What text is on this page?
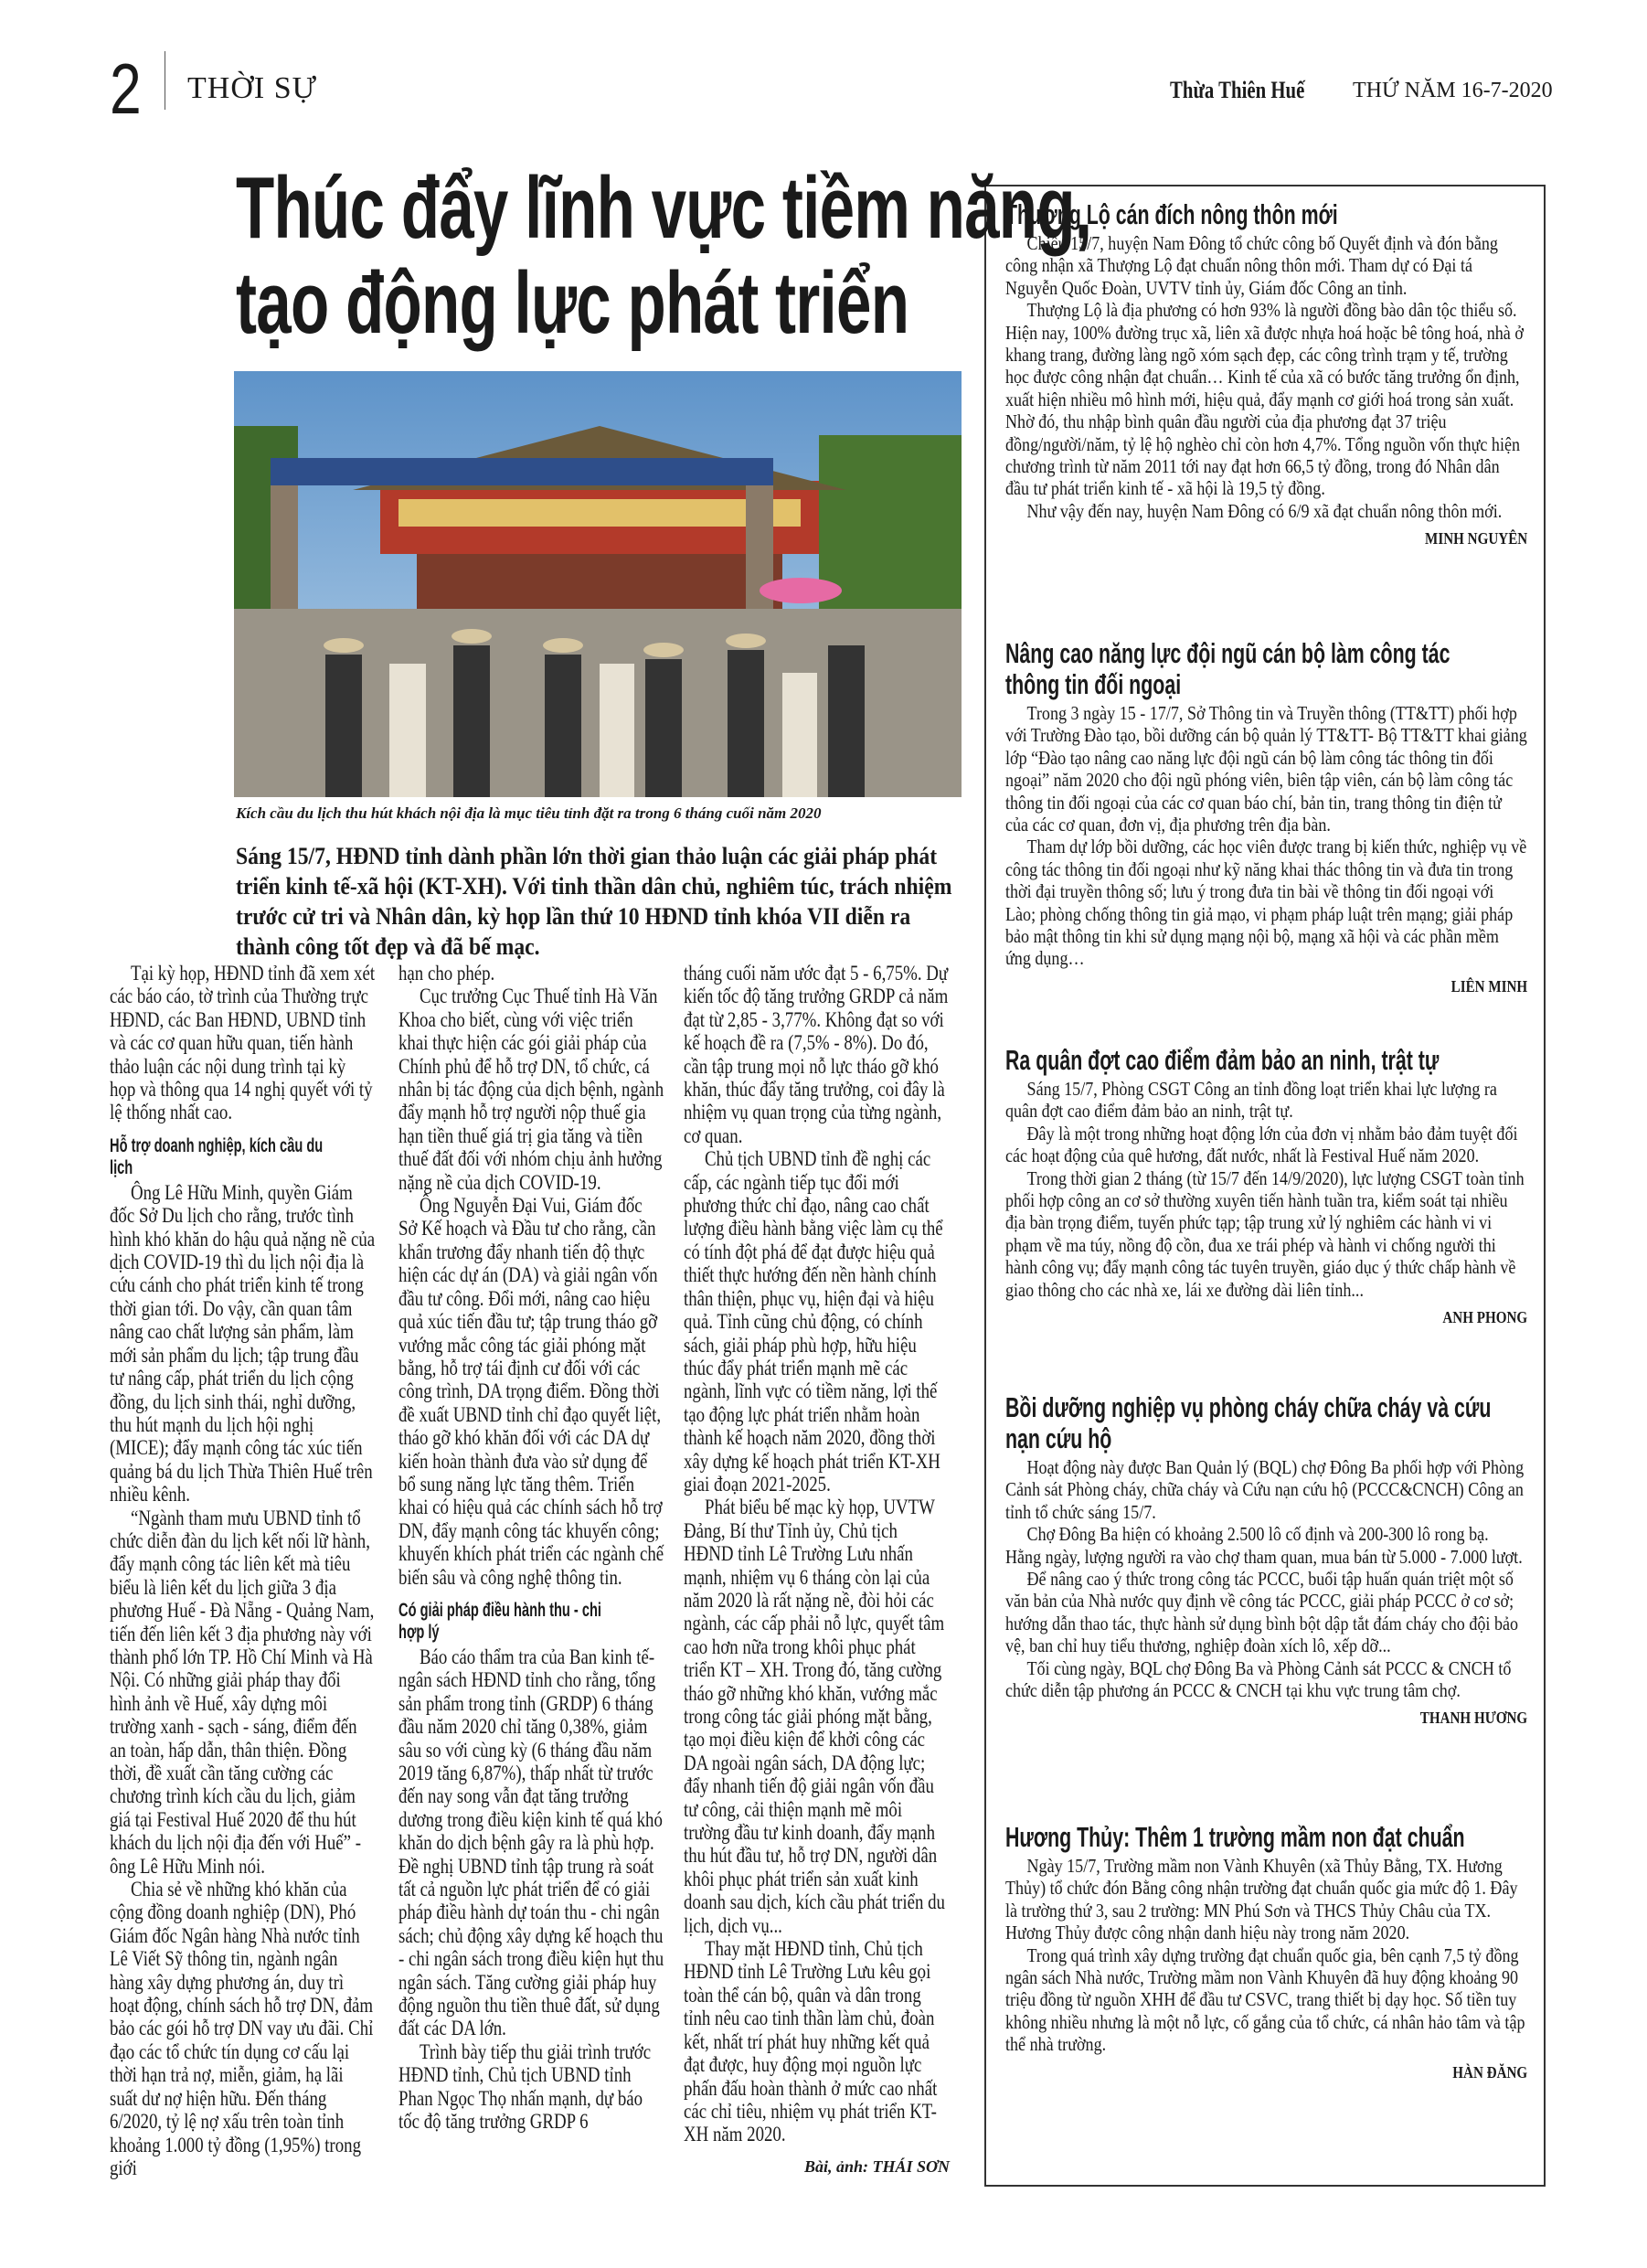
2 THỜI SỰ	Thừa Thiên Huế THỨ NĂM 16-7-2020
Thúc đẩy lĩnh vực tiềm năng,
tạo động lực phát triển
Kích cầu du lịch thu hút khách nội địa là mục tiêu tỉnh đặt ra trong 6 tháng cuối năm 2020
Sáng 15/7, HĐND tỉnh dành phần lớn thời gian thảo luận các giải pháp phát triển kinh tế-xã hội (KT-XH). Với tinh thần dân chủ, nghiêm túc, trách nhiệm trước cử tri và Nhân dân, kỳ họp lần thứ 10 HĐND tỉnh khóa VII diễn ra thành công tốt đẹp và đã bế mạc.

Tại kỳ họp, HĐND tỉnh đã xem xét các báo cáo, tờ trình của Thường trực HĐND, các Ban HĐND, UBND tỉnh và các cơ quan hữu quan, tiến hành thảo luận các nội dung trình tại kỳ họp và thông qua 14 nghị quyết với tỷ lệ thống nhất cao.

Hỗ trợ doanh nghiệp, kích cầu du lịch

Ông Lê Hữu Minh, quyền Giám đốc Sở Du lịch cho rằng, trước tình hình khó khăn do hậu quả nặng nề của dịch COVID-19 thì du lịch nội địa là cứu cánh cho phát triển kinh tế trong thời gian tới. Do vậy, cần quan tâm nâng cao chất lượng sản phẩm, làm mới sản phẩm du lịch; tập trung đầu tư nâng cấp, phát triển du lịch cộng đồng, du lịch sinh thái, nghỉ dưỡng, thu hút mạnh du lịch hội nghị (MICE); đẩy mạnh công tác xúc tiến quảng bá du lịch Thừa Thiên Huế trên nhiều kênh.

“Ngành tham mưu UBND tỉnh tổ chức diễn đàn du lịch kết nối lữ hành, đẩy mạnh công tác liên kết mà tiêu biểu là liên kết du lịch giữa 3 địa phương Huế - Đà Nẵng - Quảng Nam, tiến đến liên kết 3 địa phương này với thành phố lớn TP. Hồ Chí Minh và Hà Nội. Có những giải pháp thay đổi hình ảnh về Huế, xây dựng môi trường xanh - sạch - sáng, điểm đến an toàn, hấp dẫn, thân thiện. Đồng thời, đề xuất cần tăng cường các chương trình kích cầu du lịch, giảm giá tại Festival Huế 2020 để thu hút khách du lịch nội địa đến với Huế” - ông Lê Hữu Minh nói.

Chia sẻ về những khó khăn của cộng đồng doanh nghiệp (DN), Phó Giám đốc Ngân hàng Nhà nước tỉnh Lê Viết Sỹ thông tin, ngành ngân hàng xây dựng phương án, duy trì hoạt động, chính sách hỗ trợ DN, đảm bảo các gói hỗ trợ DN vay ưu đãi. Chỉ đạo các tổ chức tín dụng cơ cấu lại thời hạn trả nợ, miễn, giảm, hạ lãi suất dư nợ hiện hữu. Đến tháng 6/2020, tỷ lệ nợ xấu trên toàn tỉnh khoảng 1.000 tỷ đồng (1,95%) trong giới

hạn cho phép.

Cục trưởng Cục Thuế tỉnh Hà Văn Khoa cho biết, cùng với việc triển khai thực hiện các gói giải pháp của Chính phủ để hỗ trợ DN, tổ chức, cá nhân bị tác động của dịch bệnh, ngành đẩy mạnh hỗ trợ người nộp thuế gia hạn tiền thuế giá trị gia tăng và tiền thuế đất đối với nhóm chịu ảnh hưởng nặng nề của dịch COVID-19.

Ông Nguyễn Đại Vui, Giám đốc Sở Kế hoạch và Đầu tư cho rằng, cần khẩn trương đẩy nhanh tiến độ thực hiện các dự án (DA) và giải ngân vốn đầu tư công. Đổi mới, nâng cao hiệu quả xúc tiến đầu tư; tập trung tháo gỡ vướng mắc công tác giải phóng mặt bằng, hỗ trợ tái định cư đối với các công trình, DA trọng điểm. Đồng thời đề xuất UBND tỉnh chỉ đạo quyết liệt, tháo gỡ khó khăn đối với các DA dự kiến hoàn thành đưa vào sử dụng để bổ sung năng lực tăng thêm. Triển khai có hiệu quả các chính sách hỗ trợ DN, đẩy mạnh công tác khuyến công; khuyến khích phát triển các ngành chế biến sâu và công nghệ thông tin.

Có giải pháp điều hành thu - chi hợp lý

Báo cáo thẩm tra của Ban kinh tế- ngân sách HĐND tỉnh cho rằng, tổng sản phẩm trong tỉnh (GRDP) 6 tháng đầu năm 2020 chỉ tăng 0,38%, giảm sâu so với cùng kỳ (6 tháng đầu năm 2019 tăng 6,87%), thấp nhất từ trước đến nay song vẫn đạt tăng trưởng dương trong điều kiện kinh tế quá khó khăn do dịch bệnh gây ra là phù hợp. Đề nghị UBND tỉnh tập trung rà soát tất cả nguồn lực phát triển để có giải pháp điều hành dự toán thu - chi ngân sách; chủ động xây dựng kế hoạch thu - chi ngân sách trong điều kiện hụt thu ngân sách. Tăng cường giải pháp huy động nguồn thu tiền thuê đất, sử dụng đất các DA lớn.

Trình bày tiếp thu giải trình trước HĐND tỉnh, Chủ tịch UBND tỉnh Phan Ngọc Thọ nhấn mạnh, dự báo tốc độ tăng trưởng GRDP 6

tháng cuối năm ước đạt 5 - 6,75%. Dự kiến tốc độ tăng trưởng GRDP cả năm đạt từ 2,85 - 3,77%. Không đạt so với kế hoạch đề ra (7,5% - 8%). Do đó, cần tập trung mọi nỗ lực tháo gỡ khó khăn, thúc đẩy tăng trưởng, coi đây là nhiệm vụ quan trọng của từng ngành, cơ quan.

Chủ tịch UBND tỉnh đề nghị các cấp, các ngành tiếp tục đổi mới phương thức chỉ đạo, nâng cao chất lượng điều hành bằng việc làm cụ thể có tính đột phá để đạt được hiệu quả thiết thực hướng đến nền hành chính thân thiện, phục vụ, hiện đại và hiệu quả. Tỉnh cũng chủ động, có chính sách, giải pháp phù hợp, hữu hiệu thúc đẩy phát triển mạnh mẽ các ngành, lĩnh vực có tiềm năng, lợi thế tạo động lực phát triển nhằm hoàn thành kế hoạch năm 2020, đồng thời xây dựng kế hoạch phát triển KT-XH giai đoạn 2021-2025.

Phát biểu bế mạc kỳ họp, UVTW Đảng, Bí thư Tỉnh ủy, Chủ tịch HĐND tỉnh Lê Trường Lưu nhấn mạnh, nhiệm vụ 6 tháng còn lại của năm 2020 là rất nặng nề, đòi hỏi các ngành, các cấp phải nỗ lực, quyết tâm cao hơn nữa trong khôi phục phát triển KT – XH. Trong đó, tăng cường tháo gỡ những khó khăn, vướng mắc trong công tác giải phóng mặt bằng, tạo mọi điều kiện để khởi công các DA ngoài ngân sách, DA động lực; đẩy nhanh tiến độ giải ngân vốn đầu tư công, cải thiện mạnh mẽ môi trường đầu tư kinh doanh, đẩy mạnh thu hút đầu tư, hỗ trợ DN, người dân khôi phục phát triển sản xuất kinh doanh sau dịch, kích cầu phát triển du lịch, dịch vụ...

Thay mặt HĐND tỉnh, Chủ tịch HĐND tỉnh Lê Trường Lưu kêu gọi toàn thể cán bộ, quân và dân trong tỉnh nêu cao tinh thần làm chủ, đoàn kết, nhất trí phát huy những kết quả đạt được, huy động mọi nguồn lực phấn đấu hoàn thành ở mức cao nhất các chỉ tiêu, nhiệm vụ phát triển KT-XH năm 2020.

Bài, ảnh: THÁI SƠN
Thượng Lộ cán đích nông thôn mới

Chiều 15/7, huyện Nam Đông tổ chức công bố Quyết định và đón bằng công nhận xã Thượng Lộ đạt chuẩn nông thôn mới. Tham dự có Đại tá Nguyễn Quốc Đoàn, UVTV tỉnh ủy, Giám đốc Công an tỉnh.

Thượng Lộ là địa phương có hơn 93% là người đồng bào dân tộc thiểu số. Hiện nay, 100% đường trục xã, liên xã được nhựa hoá hoặc bê tông hoá, nhà ở khang trang, đường làng ngõ xóm sạch đẹp, các công trình trạm y tế, trường học được công nhận đạt chuẩn… Kinh tế của xã có bước tăng trưởng ổn định, xuất hiện nhiều mô hình mới, hiệu quả, đẩy mạnh cơ giới hoá trong sản xuất. Nhờ đó, thu nhập bình quân đầu người của địa phương đạt 37 triệu đồng/người/năm, tỷ lệ hộ nghèo chỉ còn hơn 4,7%. Tổng nguồn vốn thực hiện chương trình từ năm 2011 tới nay đạt hơn 66,5 tỷ đồng, trong đó Nhân dân đầu tư phát triển kinh tế - xã hội là 19,5 tỷ đồng.

Như vậy đến nay, huyện Nam Đông có 6/9 xã đạt chuẩn nông thôn mới.

MINH NGUYÊN

Nâng cao năng lực đội ngũ cán bộ làm công tác thông tin đối ngoại

Trong 3 ngày 15 - 17/7, Sở Thông tin và Truyền thông (TT&TT) phối hợp với Trường Đào tạo, bồi dưỡng cán bộ quản lý TT&TT- Bộ TT&TT khai giảng lớp “Đào tạo nâng cao năng lực đội ngũ cán bộ làm công tác thông tin đối ngoại” năm 2020 cho đội ngũ phóng viên, biên tập viên, cán bộ làm công tác thông tin đối ngoại của các cơ quan báo chí, bản tin, trang thông tin điện tử của các cơ quan, đơn vị, địa phương trên địa bàn.

Tham dự lớp bồi dưỡng, các học viên được trang bị kiến thức, nghiệp vụ về công tác thông tin đối ngoại như kỹ năng khai thác thông tin và đưa tin trong thời đại truyền thông số; lưu ý trong đưa tin bài về thông tin đối ngoại với Lào; phòng chống thông tin giả mạo, vi phạm pháp luật trên mạng; giải pháp bảo mật thông tin khi sử dụng mạng nội bộ, mạng xã hội và các phần mềm ứng dụng…

LIÊN MINH

Ra quân đợt cao điểm đảm bảo an ninh, trật tự

Sáng 15/7, Phòng CSGT Công an tỉnh đồng loạt triển khai lực lượng ra quân đợt cao điểm đảm bảo an ninh, trật tự.

Đây là một trong những hoạt động lớn của đơn vị nhằm bảo đảm tuyệt đối các hoạt động của quê hương, đất nước, nhất là Festival Huế năm 2020.

Trong thời gian 2 tháng (từ 15/7 đến 14/9/2020), lực lượng CSGT toàn tỉnh phối hợp công an cơ sở thường xuyên tiến hành tuần tra, kiểm soát tại nhiều địa bàn trọng điểm, tuyến phức tạp; tập trung xử lý nghiêm các hành vi vi phạm về ma túy, nồng độ cồn, đua xe trái phép và hành vi chống người thi hành công vụ; đẩy mạnh công tác tuyên truyền, giáo dục ý thức chấp hành về giao thông cho các nhà xe, lái xe đường dài liên tỉnh...

ANH PHONG

Bồi dưỡng nghiệp vụ phòng cháy chữa cháy và cứu nạn cứu hộ

Hoạt động này được Ban Quản lý (BQL) chợ Đông Ba phối hợp với Phòng Cảnh sát Phòng cháy, chữa cháy và Cứu nạn cứu hộ (PCCC&CNCH) Công an tỉnh tổ chức sáng 15/7.

Chợ Đông Ba hiện có khoảng 2.500 lô cố định và 200-300 lô rong bạ. Hằng ngày, lượng người ra vào chợ tham quan, mua bán từ 5.000 - 7.000 lượt.

Để nâng cao ý thức trong công tác PCCC, buổi tập huấn quán triệt một số văn bản của Nhà nước quy định về công tác PCCC, giải pháp PCCC ở cơ sở; hướng dẫn thao tác, thực hành sử dụng bình bột dập tắt đám cháy cho đội bảo vệ, ban chỉ huy tiểu thương, nghiệp đoàn xích lô, xếp dỡ...

Tối cùng ngày, BQL chợ Đông Ba và Phòng Cảnh sát PCCC & CNCH tổ chức diễn tập phương án PCCC & CNCH tại khu vực trung tâm chợ.

THANH HƯƠNG

Hương Thủy: Thêm 1 trường mầm non đạt chuẩn

Ngày 15/7, Trường mầm non Vành Khuyên (xã Thủy Bằng, TX. Hương Thủy) tổ chức đón Bằng công nhận trường đạt chuẩn quốc gia mức độ 1. Đây là trường thứ 3, sau 2 trường: MN Phú Sơn và THCS Thủy Châu của TX. Hương Thủy được công nhận danh hiệu này trong năm 2020.

Trong quá trình xây dựng trường đạt chuẩn quốc gia, bên cạnh 7,5 tỷ đồng ngân sách Nhà nước, Trường mầm non Vành Khuyên đã huy động khoảng 90 triệu đồng từ nguồn XHH để đầu tư CSVC, trang thiết bị dạy học. Số tiền tuy không nhiều nhưng là một nỗ lực, cố gắng của tổ chức, cá nhân hảo tâm và tập thể nhà trường.

HÀN ĐĂNG
